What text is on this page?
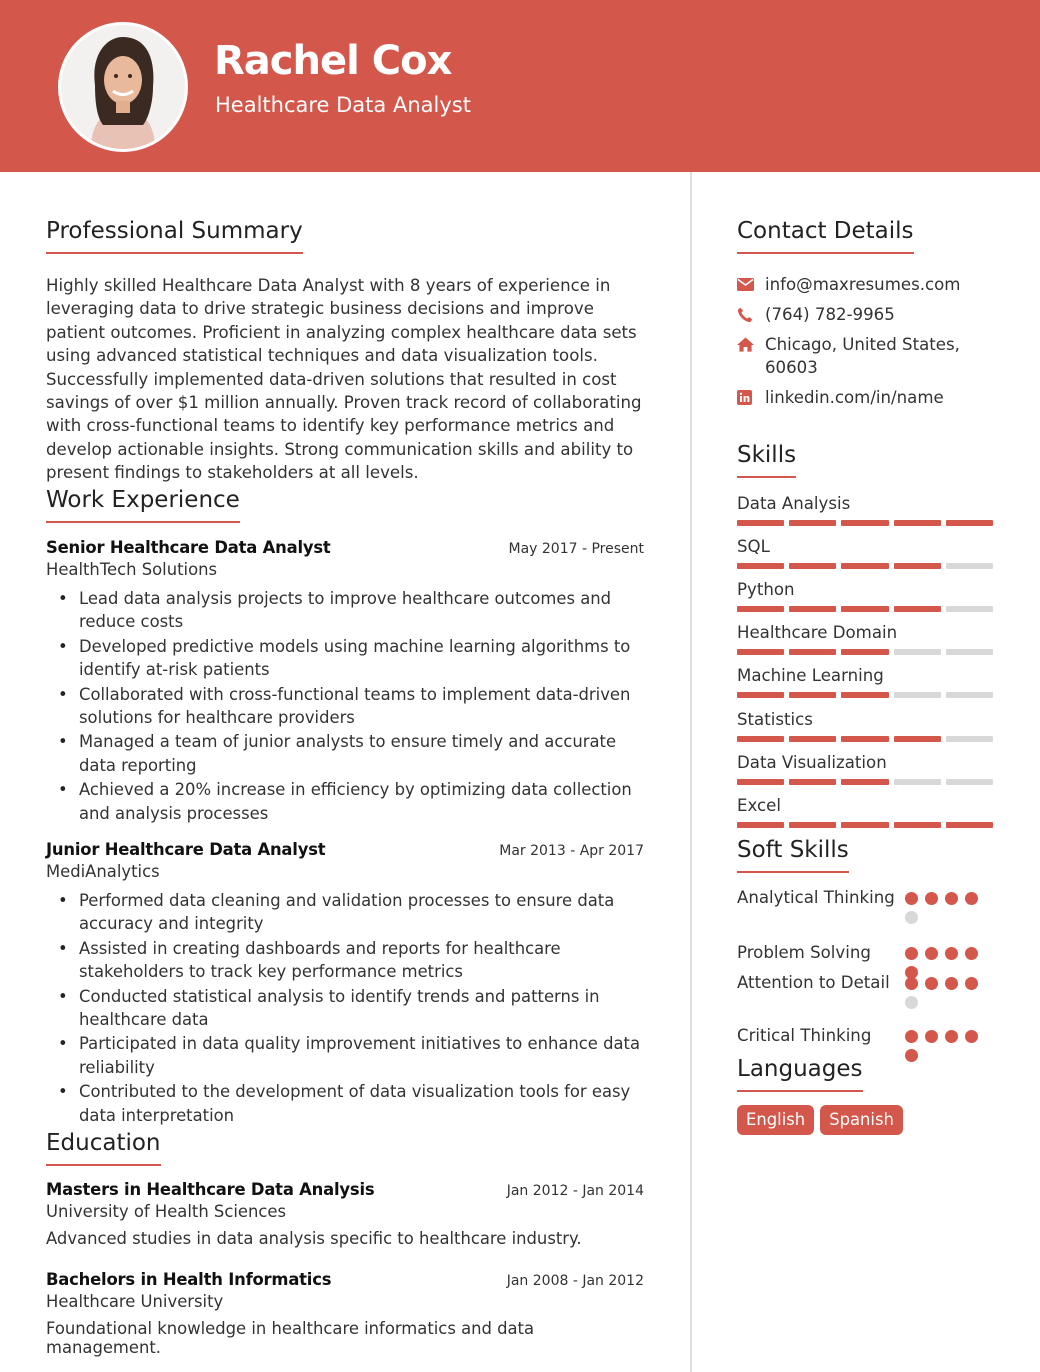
Rachel Cox
Healthcare Data Analyst
Professional Summary
Highly skilled Healthcare Data Analyst with 8 years of experience in leveraging data to drive strategic business decisions and improve patient outcomes. Proficient in analyzing complex healthcare data sets using advanced statistical techniques and data visualization tools. Successfully implemented data-driven solutions that resulted in cost savings of over $1 million annually. Proven track record of collaborating with cross-functional teams to identify key performance metrics and develop actionable insights. Strong communication skills and ability to present findings to stakeholders at all levels.
Work Experience
Senior Healthcare Data Analyst	May 2017 - Present
HealthTech Solutions
• Lead data analysis projects to improve healthcare outcomes and reduce costs
• Developed predictive models using machine learning algorithms to identify at-risk patients
• Collaborated with cross-functional teams to implement data-driven solutions for healthcare providers
• Managed a team of junior analysts to ensure timely and accurate data reporting
• Achieved a 20% increase in efficiency by optimizing data collection and analysis processes
Junior Healthcare Data Analyst	Mar 2013 - Apr 2017
MediAnalytics
• Performed data cleaning and validation processes to ensure data accuracy and integrity
• Assisted in creating dashboards and reports for healthcare stakeholders to track key performance metrics
• Conducted statistical analysis to identify trends and patterns in healthcare data
• Participated in data quality improvement initiatives to enhance data reliability
• Contributed to the development of data visualization tools for easy data interpretation
Education
Masters in Healthcare Data Analysis	Jan 2012 - Jan 2014
University of Health Sciences
Advanced studies in data analysis specific to healthcare industry.
Bachelors in Health Informatics	Jan 2008 - Jan 2012
Healthcare University
Foundational knowledge in healthcare informatics and data management.
Contact Details
info@maxresumes.com
(764) 782-9965
Chicago, United States, 60603
linkedin.com/in/name
Skills
Data Analysis
SQL
Python
Healthcare Domain
Machine Learning
Statistics
Data Visualization
Excel
Soft Skills
Analytical Thinking
Problem Solving
Attention to Detail
Critical Thinking
Languages
English	Spanish
